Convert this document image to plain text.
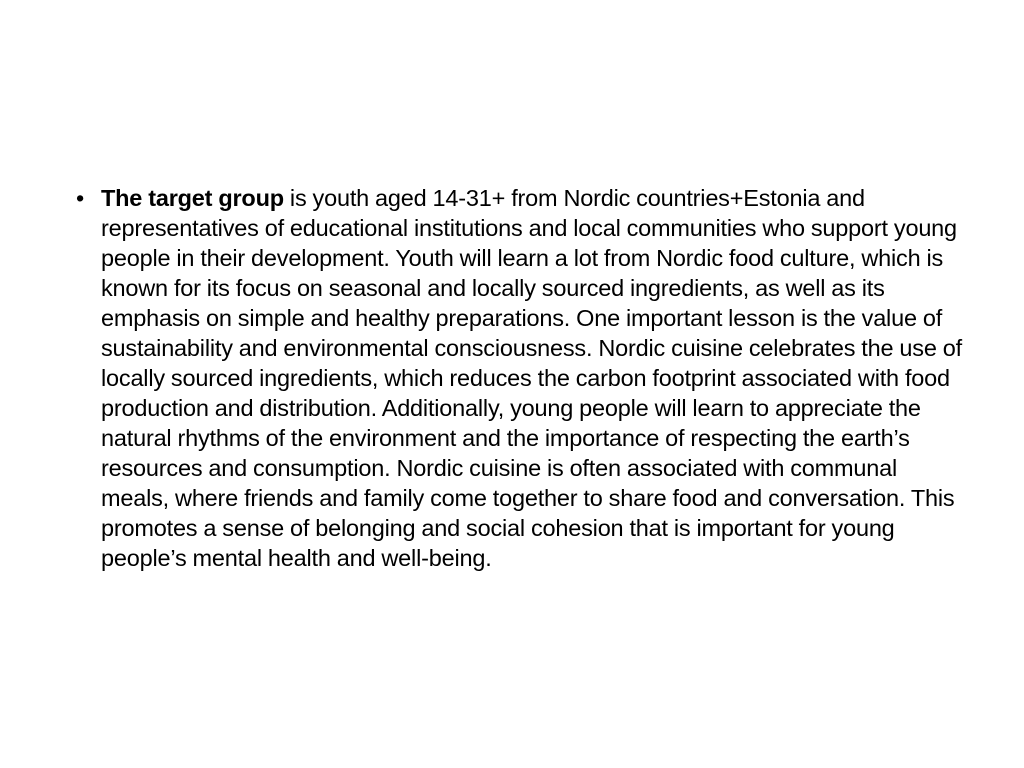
• The target group is youth aged 14-31+ from Nordic countries+Estonia and representatives of educational institutions and local communities who support young people in their development. Youth will learn a lot from Nordic food culture, which is known for its focus on seasonal and locally sourced ingredients, as well as its emphasis on simple and healthy preparations. One important lesson is the value of sustainability and environmental consciousness. Nordic cuisine celebrates the use of locally sourced ingredients, which reduces the carbon footprint associated with food production and distribution. Additionally, young people will learn to appreciate the natural rhythms of the environment and the importance of respecting the earth’s resources and consumption. Nordic cuisine is often associated with communal meals, where friends and family come together to share food and conversation. This promotes a sense of belonging and social cohesion that is important for young people’s mental health and well-being.
